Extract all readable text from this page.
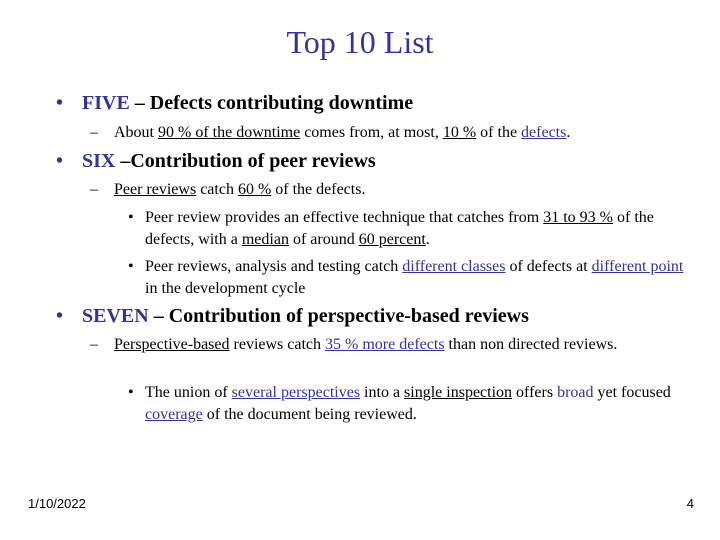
Top 10 List
• FIVE – Defects contributing downtime
– About 90 % of the downtime comes from, at most, 10 % of the defects.
• SIX –Contribution of peer reviews
– Peer reviews catch 60 % of the defects.
• Peer review provides an effective technique that catches from 31 to 93 % of the defects, with a median of around 60 percent.
• Peer reviews, analysis and testing catch different classes of defects at different point in the development cycle
• SEVEN – Contribution of perspective-based reviews
– Perspective-based reviews catch 35 % more defects than non directed reviews.
• The union of several perspectives into a single inspection offers broad yet focused coverage of the document being reviewed.
1/10/2022	4
